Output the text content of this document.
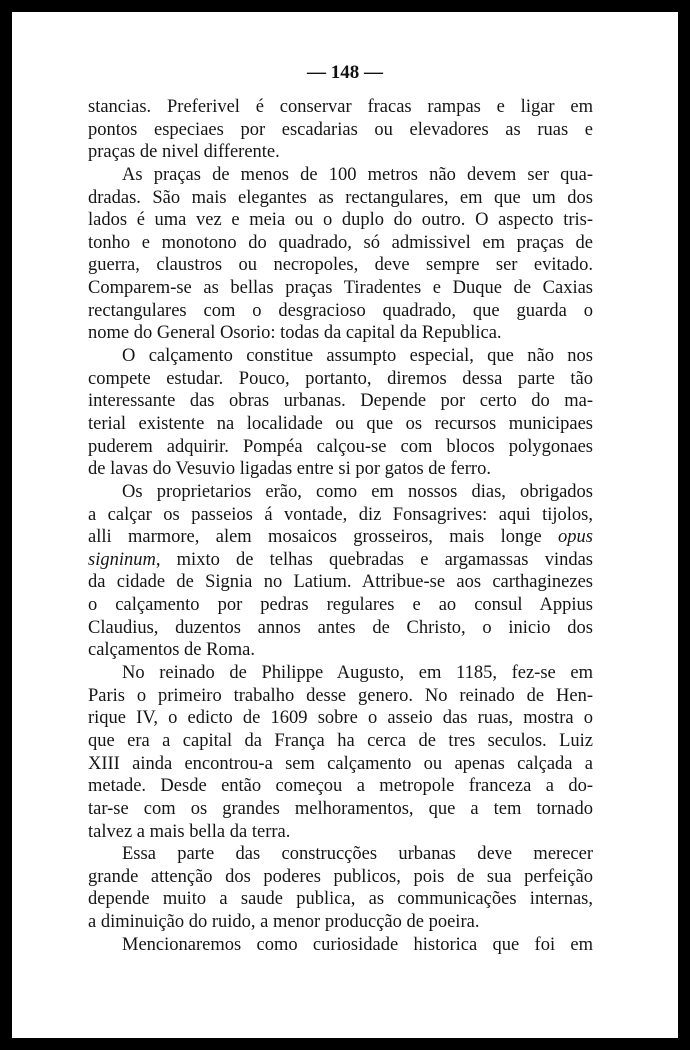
— 148 —
stancias. Preferivel é conservar fracas rampas e ligar em
pontos especiaes por escadarias ou elevadores as ruas e
praças de nivel differente.
As praças de menos de 100 metros não devem ser qua-
dradas. São mais elegantes as rectangulares, em que um dos
lados é uma vez e meia ou o duplo do outro. O aspecto tris-
tonho e monotono do quadrado, só admissivel em praças de
guerra, claustros ou necropoles, deve sempre ser evitado.
Comparem-se as bellas praças Tiradentes e Duque de Caxias
rectangulares com o desgracioso quadrado, que guarda o
nome do General Osorio: todas da capital da Republica.
O calçamento constitue assumpto especial, que não nos
compete estudar. Pouco, portanto, diremos dessa parte tão
interessante das obras urbanas. Depende por certo do ma-
terial existente na localidade ou que os recursos municipaes
puderem adquirir. Pompéa calçou-se com blocos polygonaes
de lavas do Vesuvio ligadas entre si por gatos de ferro.
Os proprietarios erão, como em nossos dias, obrigados
a calçar os passeios á vontade, diz Fonsagrives: aqui tijolos,
alli marmore, alem mosaicos grosseiros, mais longe opus
signinum, mixto de telhas quebradas e argamassas vindas
da cidade de Signia no Latium. Attribue-se aos carthaginezes
o calçamento por pedras regulares e ao consul Appius
Claudius, duzentos annos antes de Christo, o inicio dos
calçamentos de Roma.
No reinado de Philippe Augusto, em 1185, fez-se em
Paris o primeiro trabalho desse genero. No reinado de Hen-
rique IV, o edicto de 1609 sobre o asseio das ruas, mostra o
que era a capital da França ha cerca de tres seculos. Luiz
XIII ainda encontrou-a sem calçamento ou apenas calçada a
metade. Desde então começou a metropole franceza a do-
tar-se com os grandes melhoramentos, que a tem tornado
talvez a mais bella da terra.
Essa parte das construcções urbanas deve merecer
grande attenção dos poderes publicos, pois de sua perfeição
depende muito a saude publica, as communicações internas,
a diminuição do ruido, a menor producção de poeira.
Mencionaremos como curiosidade historica que foi em
